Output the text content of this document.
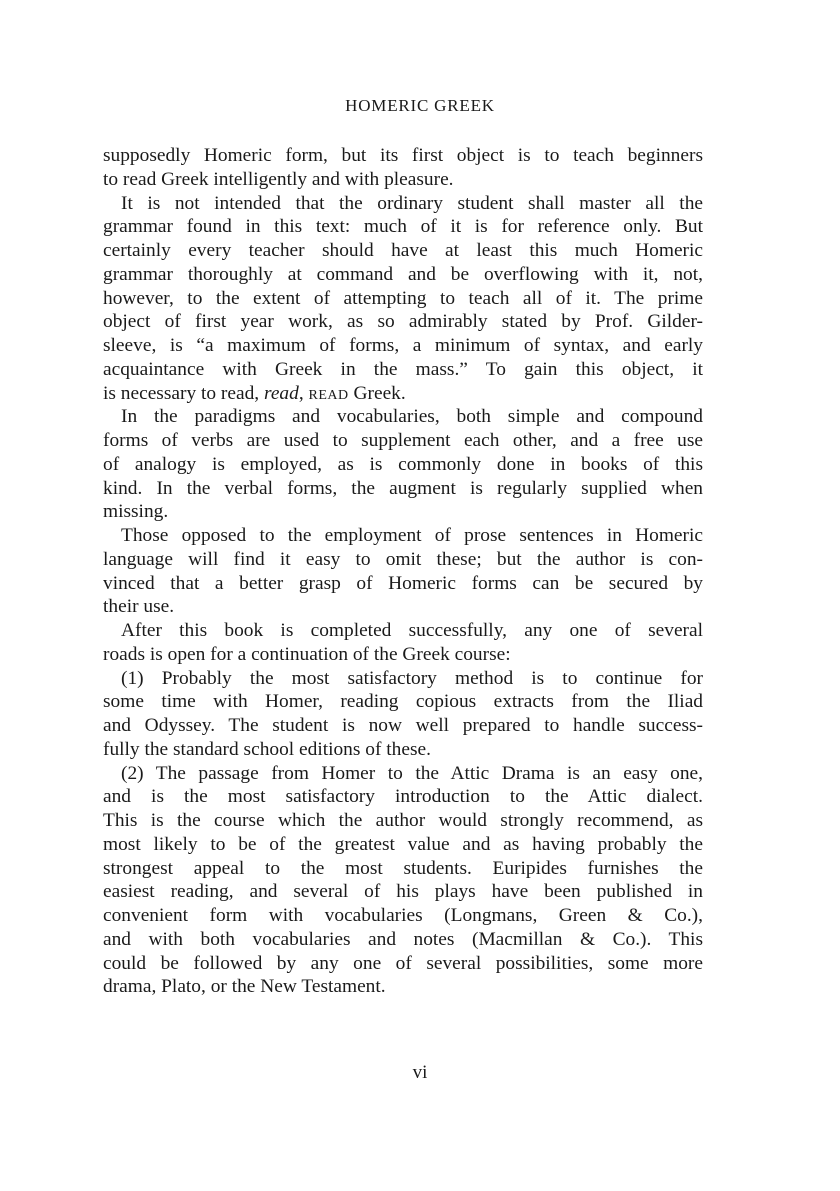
HOMERIC GREEK

supposedly Homeric form, but its first object is to teach beginners
to read Greek intelligently and with pleasure.

It is not intended that the ordinary student shall master all the
grammar found in this text: much of it is for reference only. But
certainly every teacher should have at least this much Homeric
grammar thoroughly at command and be overflowing with it, not,
however, to the extent of attempting to teach all of it. The prime
object of first year work, as so admirably stated by Prof. Gilder-
sleeve, is “a maximum of forms, a minimum of syntax, and early
acquaintance with Greek in the mass.” To gain this object, it
is necessary to read, read, read Greek.

In the paradigms and vocabularies, both simple and compound
forms of verbs are used to supplement each other, and a free use
of analogy is employed, as is commonly done in books of this
kind. In the verbal forms, the augment is regularly supplied when
missing.

Those opposed to the employment of prose sentences in Homeric
language will find it easy to omit these; but the author is con-
vinced that a better grasp of Homeric forms can be secured by
their use.

After this book is completed successfully, any one of several
roads is open for a continuation of the Greek course:

(1) Probably the most satisfactory method is to continue for
some time with Homer, reading copious extracts from the Iliad
and Odyssey. The student is now well prepared to handle success-
fully the standard school editions of these.

(2) The passage from Homer to the Attic Drama is an easy one,
and is the most satisfactory introduction to the Attic dialect.
This is the course which the author would strongly recommend, as
most likely to be of the greatest value and as having probably the
strongest appeal to the most students. Euripides furnishes the
easiest reading, and several of his plays have been published in
convenient form with vocabularies (Longmans, Green & Co.),
and with both vocabularies and notes (Macmillan & Co.). This
could be followed by any one of several possibilities, some more
drama, Plato, or the New Testament.

vi
